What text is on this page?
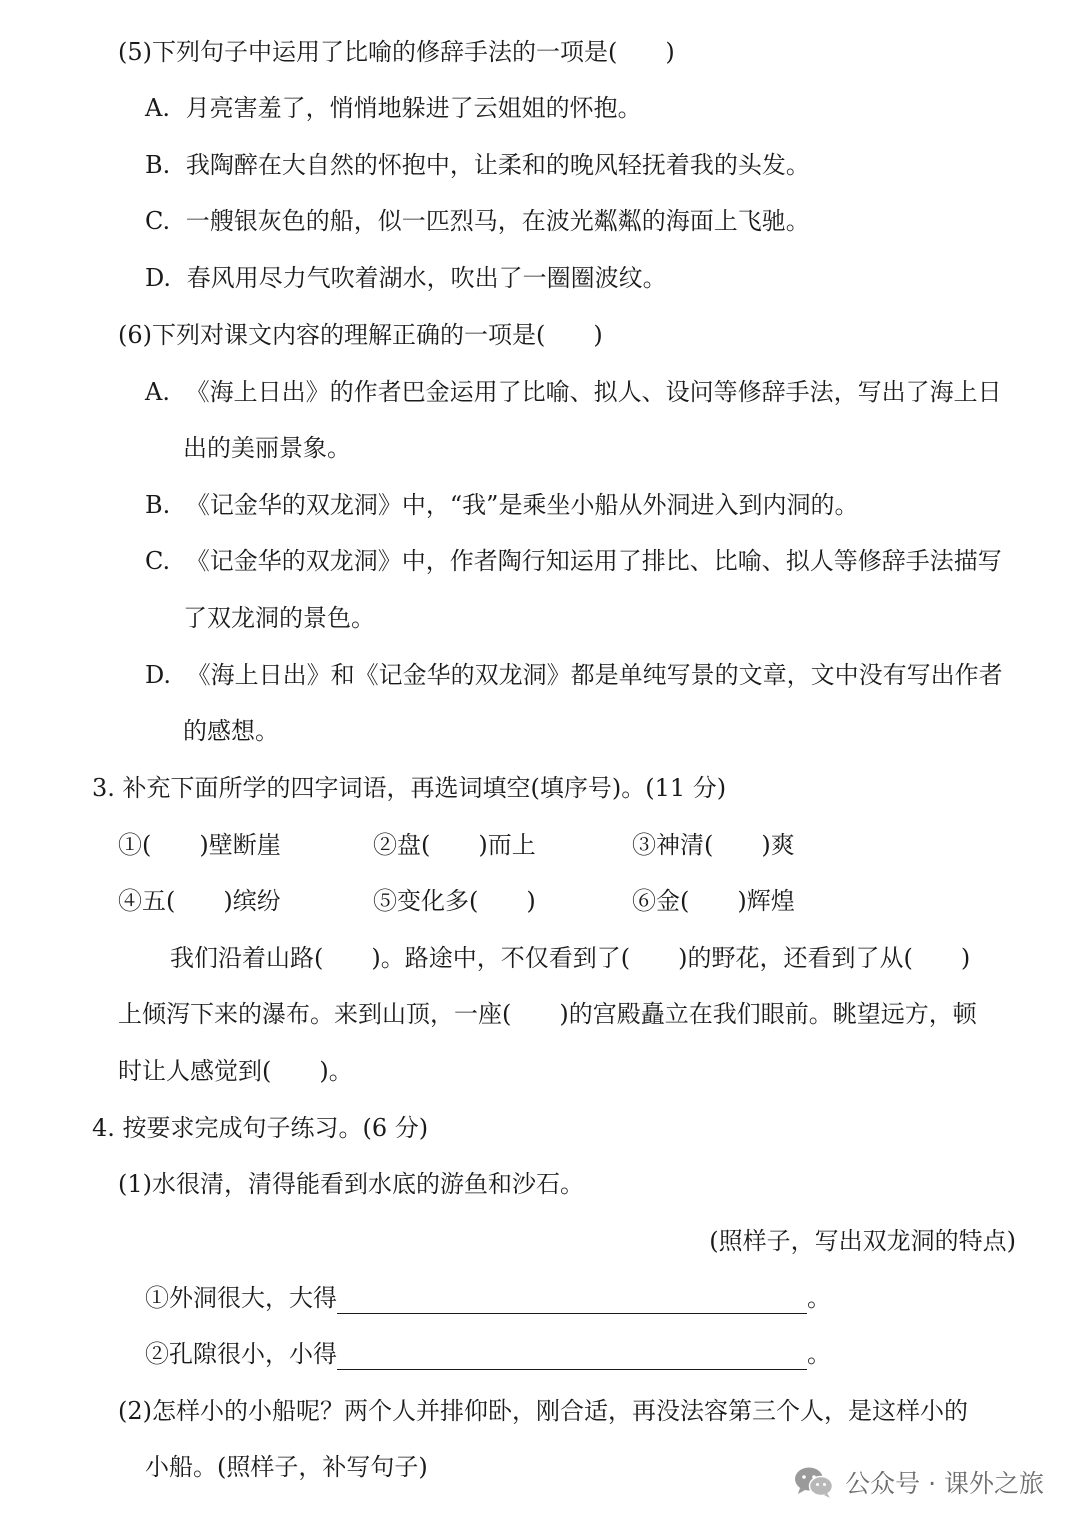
(5)下列句子中运用了比喻的修辞手法的一项是(　　)
A. 月亮害羞了，悄悄地躲进了云姐姐的怀抱。
B. 我陶醉在大自然的怀抱中，让柔和的晚风轻抚着我的头发。
C. 一艘银灰色的船，似一匹烈马，在波光粼粼的海面上飞驰。
D. 春风用尽力气吹着湖水，吹出了一圈圈波纹。
(6)下列对课文内容的理解正确的一项是(　　)
A. 《海上日出》的作者巴金运用了比喻、拟人、设问等修辞手法，写出了海上日
出的美丽景象。
B. 《记金华的双龙洞》中，“我”是乘坐小船从外洞进入到内洞的。
C. 《记金华的双龙洞》中，作者陶行知运用了排比、比喻、拟人等修辞手法描写
了双龙洞的景色。
D. 《海上日出》和《记金华的双龙洞》都是单纯写景的文章，文中没有写出作者
的感想。
3. 补充下面所学的四字词语，再选词填空(填序号)。(11 分)
①(　　)壁断崖	②盘(　　)而上	③神清(　　)爽
④五(　　)缤纷	⑤变化多(　　)	⑥金(　　)辉煌
我们沿着山路(　　)。路途中，不仅看到了(　　)的野花，还看到了从(　　)
上倾泻下来的瀑布。来到山顶，一座(　　)的宫殿矗立在我们眼前。眺望远方，顿
时让人感觉到(　　)。
4. 按要求完成句子练习。(6 分)
(1)水很清，清得能看到水底的游鱼和沙石。
(照样子，写出双龙洞的特点)
①外洞很大，大得	。
②孔隙很小，小得	。
(2)怎样小的小船呢？两个人并排仰卧，刚合适，再没法容第三个人，是这样小的
小船。(照样子，补写句子)
公众号 · 课外之旅
